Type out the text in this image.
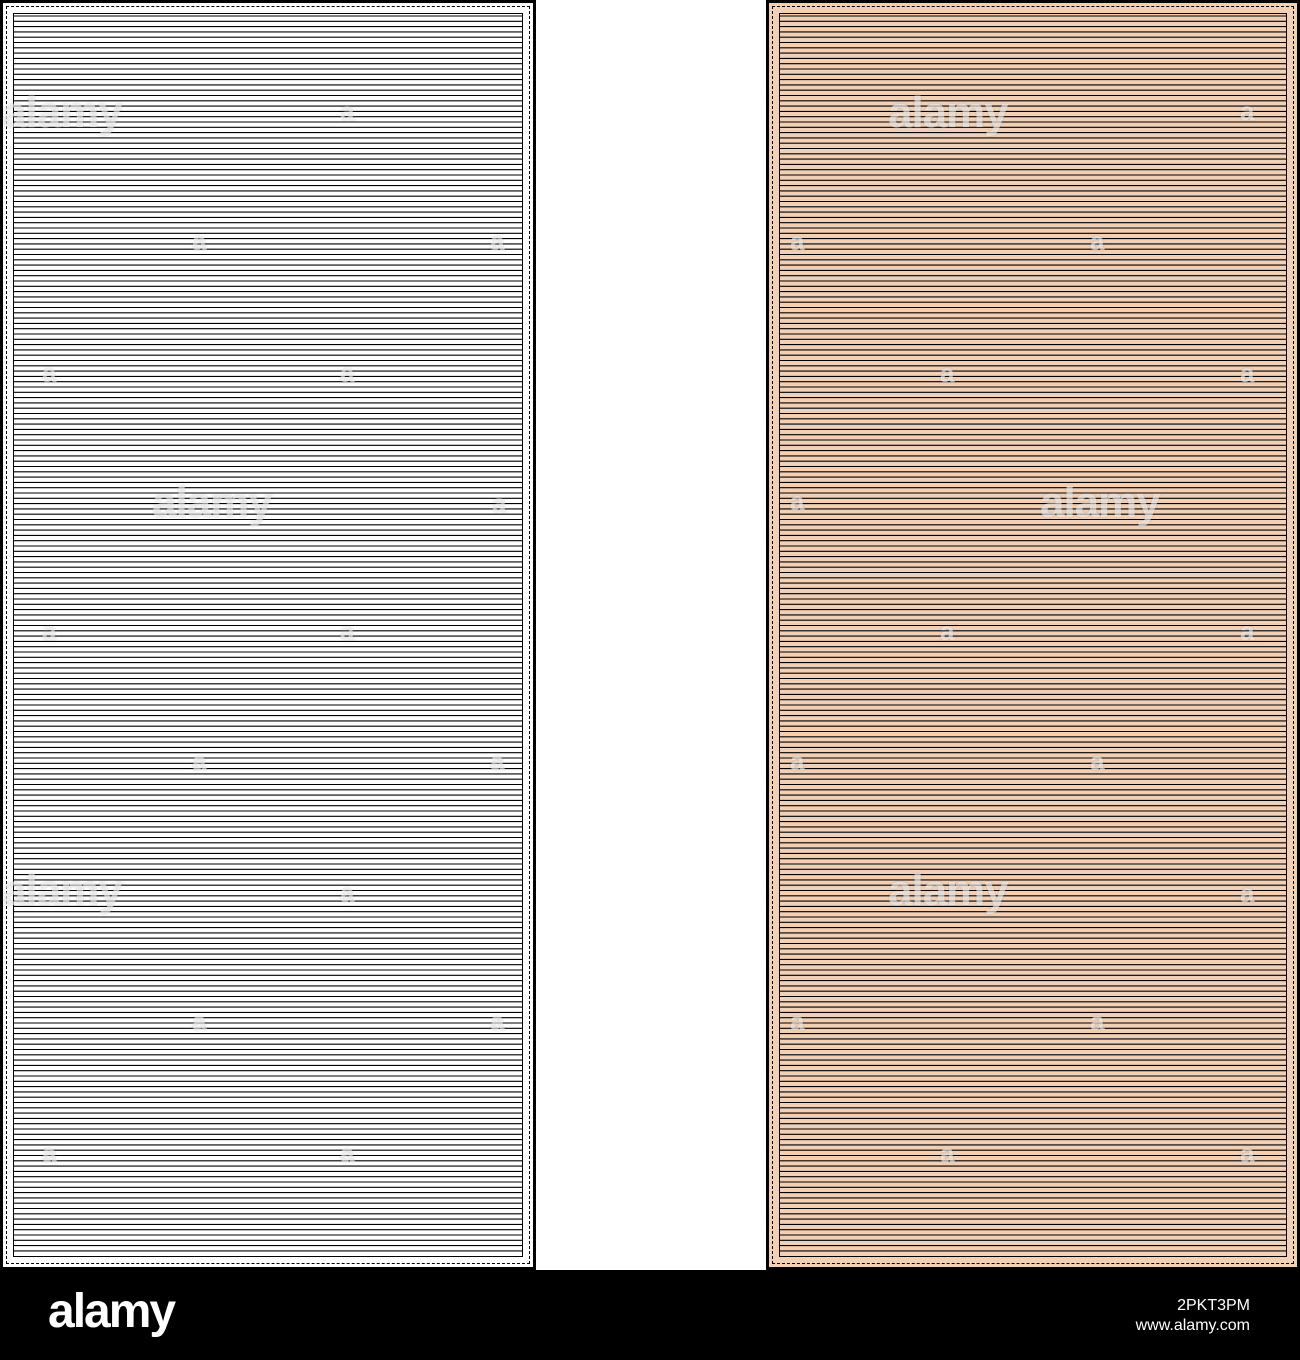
alamy
alamy
alamy
alamy
alamy
alamy
a
a	a
a	a
a
a	a
a	a
a
a	a
a	a
a
a	a
a	a
a
a	a
a	a
a
a	a
a	a
alamy	2PKT3PM
www.alamy.com
